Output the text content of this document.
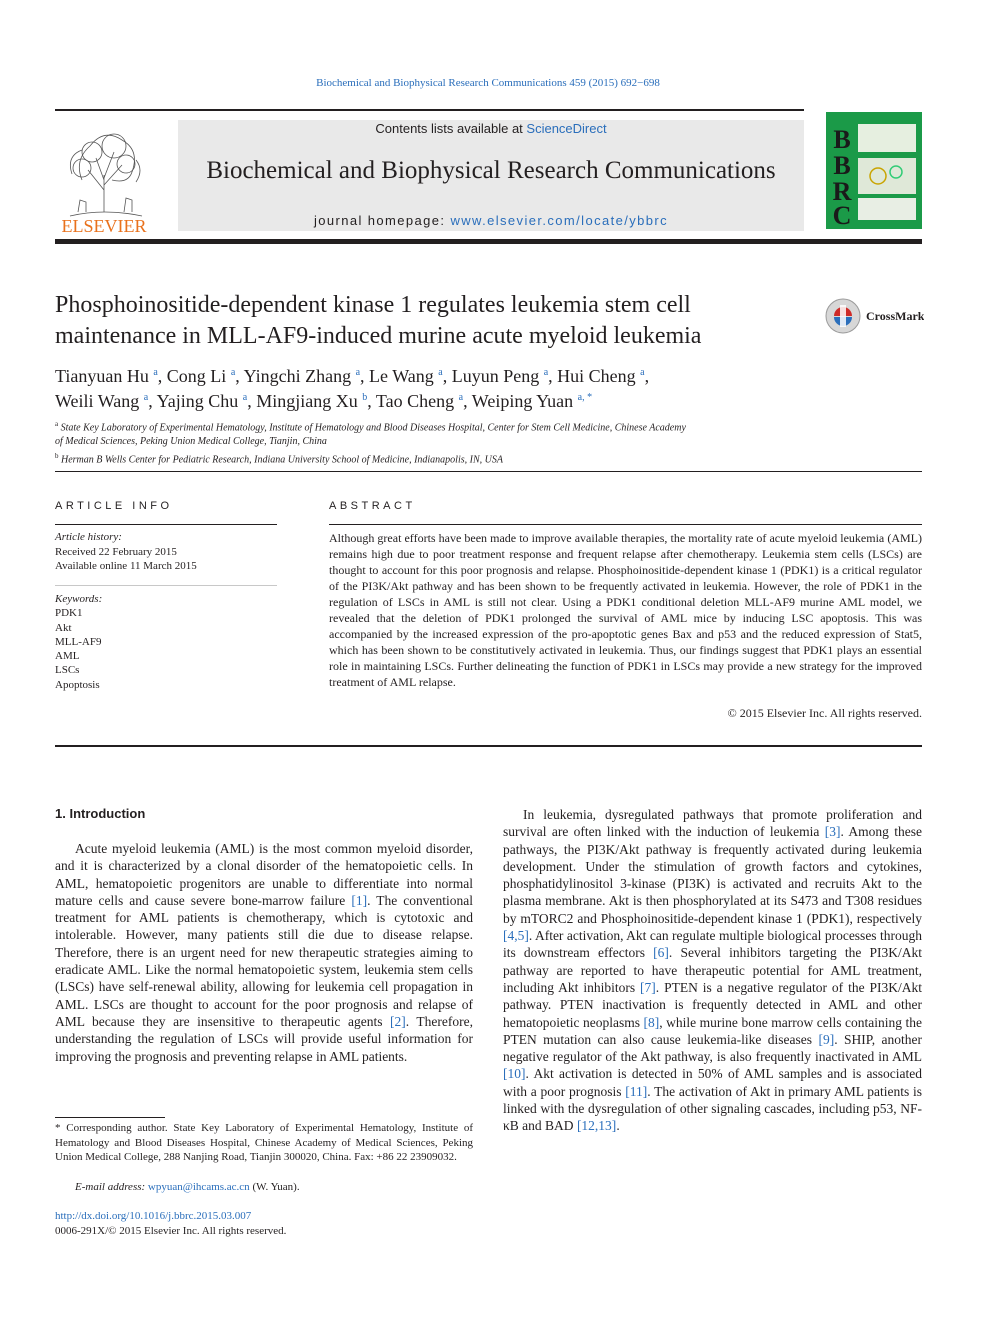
Biochemical and Biophysical Research Communications 459 (2015) 692−698
ELSEVIER
Contents lists available at ScienceDirect
Biochemical and Biophysical Research Communications
journal homepage: www.elsevier.com/locate/ybbrc
B
B
R
C
Phosphoinositide-dependent kinase 1 regulates leukemia stem cell
maintenance in MLL-AF9-induced murine acute myeloid leukemia
CrossMark
Tianyuan Hu $^a$, Cong Li $^a$, Yingchi Zhang $^a$, Le Wang $^a$, Luyun Peng $^a$, Hui Cheng $^a$,
Weili Wang $^a$, Yajing Chu $^a$, Mingjiang Xu $^b$, Tao Cheng $^a$, Weiping Yuan $^{a, *}$
$^a$ State Key Laboratory of Experimental Hematology, Institute of Hematology and Blood Diseases Hospital, Center for Stem Cell Medicine, Chinese Academy
of Medical Sciences, Peking Union Medical College, Tianjin, China
$^b$ Herman B Wells Center for Pediatric Research, Indiana University School of Medicine, Indianapolis, IN, USA
ARTICLE INFO
Article history:
Received 22 February 2015
Available online 11 March 2015
Keywords:
PDK1
Akt
MLL-AF9
AML
LSCs
Apoptosis
ABSTRACT
Although great efforts have been made to improve available therapies, the mortality rate of acute myeloid leukemia (AML) remains high due to poor treatment response and frequent relapse after chemotherapy. Leukemia stem cells (LSCs) are thought to account for this poor prognosis and relapse. Phosphoinositide-dependent kinase 1 (PDK1) is a critical regulator of the PI3K/Akt pathway and has been shown to be frequently activated in leukemia. However, the role of PDK1 in the regulation of LSCs in AML is still not clear. Using a PDK1 conditional deletion MLL-AF9 murine AML model, we revealed that the deletion of PDK1 prolonged the survival of AML mice by inducing LSC apoptosis. This was accompanied by the increased expression of the pro-apoptotic genes Bax and p53 and the reduced expression of Stat5, which has been shown to be constitutively activated in leukemia. Thus, our findings suggest that PDK1 plays an essential role in maintaining LSCs. Further delineating the function of PDK1 in LSCs may provide a new strategy for the improved treatment of AML relapse.
© 2015 Elsevier Inc. All rights reserved.
1. Introduction
Acute myeloid leukemia (AML) is the most common myeloid disorder, and it is characterized by a clonal disorder of the hematopoietic cells. In AML, hematopoietic progenitors are unable to differentiate into normal mature cells and cause severe bone-marrow failure [1]. The conventional treatment for AML patients is chemotherapy, which is cytotoxic and intolerable. However, many patients still die due to disease relapse. Therefore, there is an urgent need for new therapeutic strategies aiming to eradicate AML. Like the normal hematopoietic system, leukemia stem cells (LSCs) have self-renewal ability, allowing for leukemia cell propagation in AML. LSCs are thought to account for the poor prognosis and relapse of AML because they are insensitive to therapeutic agents [2]. Therefore, understanding the regulation of LSCs will provide useful information for improving the prognosis and preventing relapse in AML patients.
In leukemia, dysregulated pathways that promote proliferation and survival are often linked with the induction of leukemia [3]. Among these pathways, the PI3K/Akt pathway is frequently activated during leukemia development. Under the stimulation of growth factors and cytokines, phosphatidylinositol 3-kinase (PI3K) is activated and recruits Akt to the plasma membrane. Akt is then phosphorylated at its S473 and T308 residues by mTORC2 and Phosphoinositide-dependent kinase 1 (PDK1), respectively [4,5]. After activation, Akt can regulate multiple biological processes through its downstream effectors [6]. Several inhibitors targeting the PI3K/Akt pathway are reported to have therapeutic potential for AML treatment, including Akt inhibitors [7]. PTEN is a negative regulator of the PI3K/Akt pathway. PTEN inactivation is frequently detected in AML and other hematopoietic neoplasms [8], while murine bone marrow cells containing the PTEN mutation can also cause leukemia-like diseases [9]. SHIP, another negative regulator of the Akt pathway, is also frequently inactivated in AML [10]. Akt activation is detected in 50% of AML samples and is associated with a poor prognosis [11]. The activation of Akt in primary AML patients is linked with the dysregulation of other signaling cascades, including p53, NF-κB and BAD [12,13].
* Corresponding author. State Key Laboratory of Experimental Hematology, Institute of Hematology and Blood Diseases Hospital, Chinese Academy of Medical Sciences, Peking Union Medical College, 288 Nanjing Road, Tianjin 300020, China. Fax: +86 22 23909032.
E-mail address: wpyuan@ihcams.ac.cn (W. Yuan).
http://dx.doi.org/10.1016/j.bbrc.2015.03.007
0006-291X/© 2015 Elsevier Inc. All rights reserved.
